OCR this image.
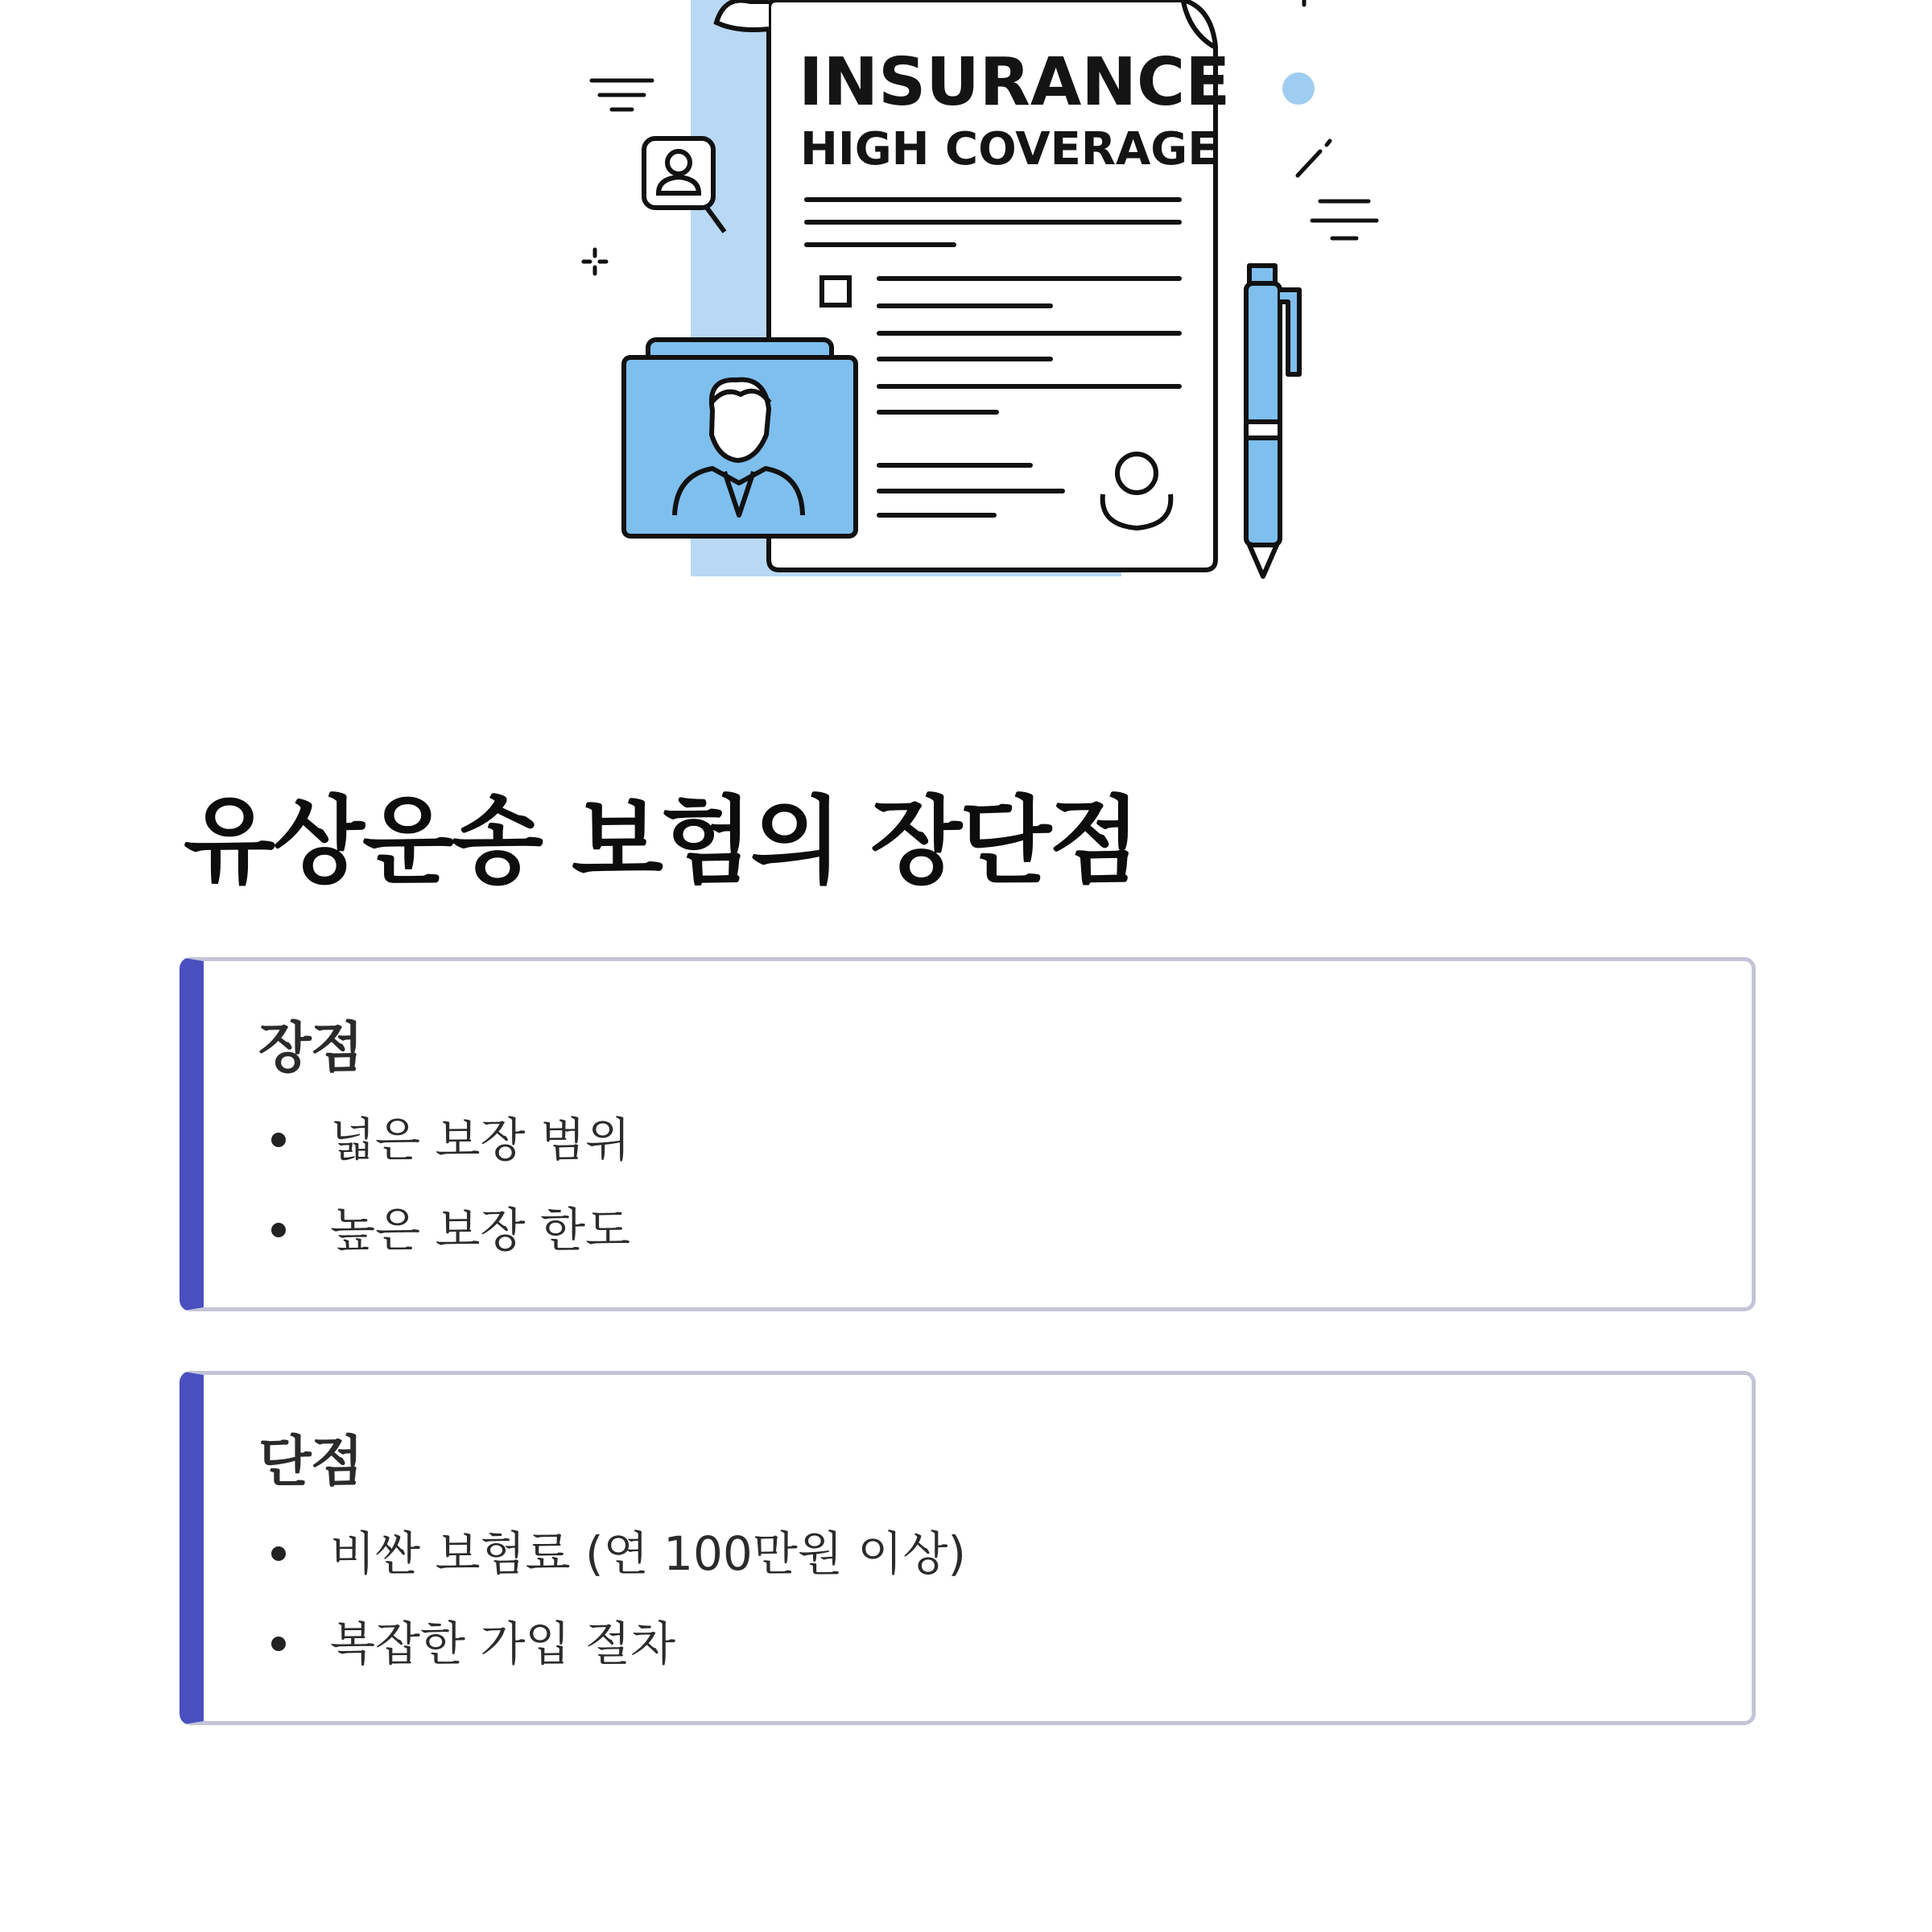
INSURANCE
HIGH COVERAGE
유상운송 보험의 장단점
장점
넓은 보장 범위
높은 보장 한도
단점
비싼 보험료 (연 100만원 이상)
복잡한 가입 절차
